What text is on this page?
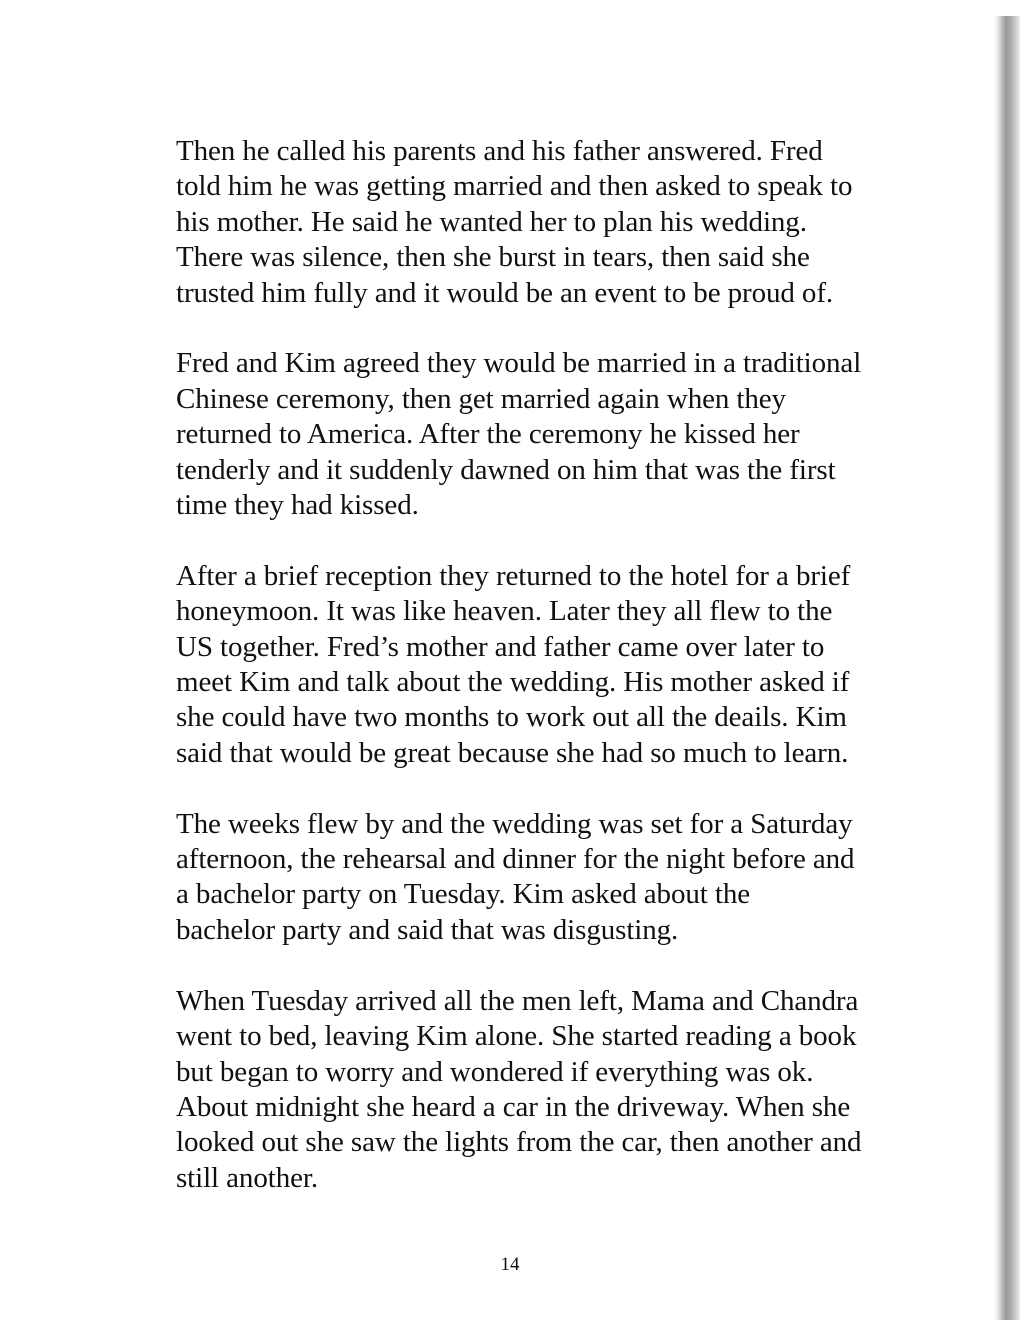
Then he called his parents and his father answered. Fred
told him he was getting married and then asked to speak to
his mother. He said he wanted her to plan his wedding.
There was silence, then she burst in tears, then said she
trusted him fully and it would be an event to be proud of.

Fred and Kim agreed they would be married in a traditional
Chinese ceremony, then get married again when they
returned to America. After the ceremony he kissed her
tenderly and it suddenly dawned on him that was the first
time they had kissed.

After a brief reception they returned to the hotel for a brief
honeymoon. It was like heaven. Later they all flew to the
US together. Fred’s mother and father came over later to
meet Kim and talk about the wedding. His mother asked if
she could have two months to work out all the deails. Kim
said that would be great because she had so much to learn.

The weeks flew by and the wedding was set for a Saturday
afternoon, the rehearsal and dinner for the night before and
a bachelor party on Tuesday. Kim asked about the
bachelor party and said that was disgusting.

When Tuesday arrived all the men left, Mama and Chandra
went to bed, leaving Kim alone. She started reading a book
but began to worry and wondered if everything was ok.
About midnight she heard a car in the driveway. When she
looked out she saw the lights from the car, then another and
still another.

14
